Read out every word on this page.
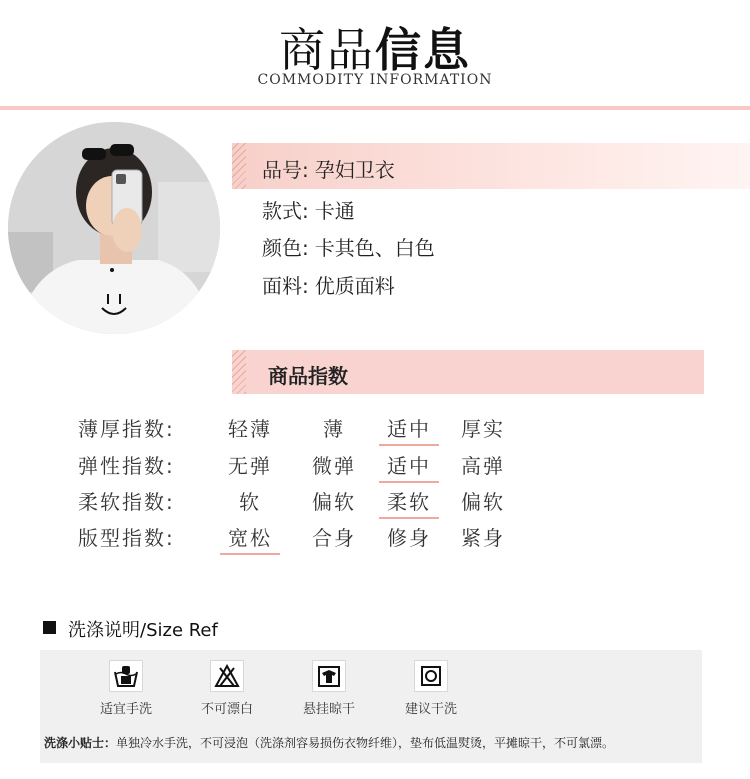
商品信息
COMMODITY INFORMATION
品号: 孕妇卫衣
款式: 卡通
颜色: 卡其色、白色
面料: 优质面料
商品指数
薄厚指数:	轻薄	薄	适中	厚实
弹性指数:	无弹	微弹	适中	高弹
柔软指数:	软	偏软	柔软	偏软
版型指数:	宽松	合身	修身	紧身
洗涤说明/Size Ref
适宜手洗	不可漂白	悬挂晾干	建议干洗
洗涤小贴士：单独冷水手洗，不可浸泡（洗涤剂容易损伤衣物纤维），垫布低温熨烫，平摊晾干，不可氯漂。
